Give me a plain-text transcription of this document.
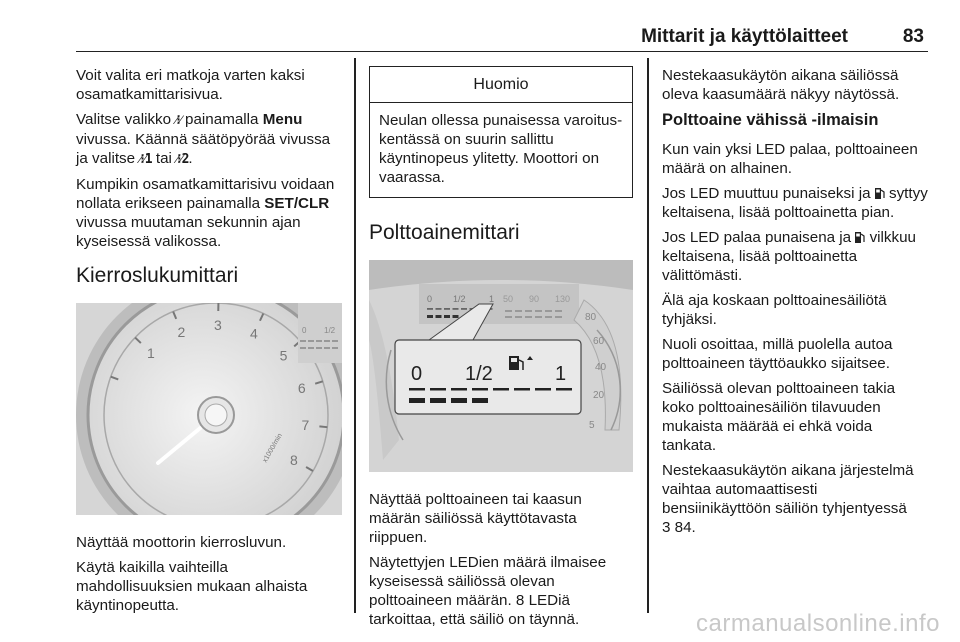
Mittarit ja käyttölaitteet	83

Voit valita eri matkoja varten kaksi osamatkamittarisivua.

Valitse valikko ⁄⁝⁄ painamalla Menu vivussa. Käännä säätöpyörää vivussa ja valitse ⁄⁝⁄1 tai ⁄⁝⁄2.

Kumpikin osamatkamittarisivu voidaan nollata erikseen painamalla SET/CLR vivussa muutaman sekunnin ajan kyseisessä valikossa.

Kierroslukumittari
1
2 3
4
5
6
7
8
x1000/min
0 1/2

Näyttää moottorin kierrosluvun.

Käytä kaikilla vaihteilla mahdollisuuksien mukaan alhaista käyntinopeutta.

Huomio
Neulan ollessa punaisessa varoituskentässä on suurin sallittu käyntinopeus ylitetty. Moottori on vaarassa.
Polttoainemittari
0 1/2	1 50 90 130
5
20
40
60
80
0 1/2	1

Näyttää polttoaineen tai kaasun määrän säiliössä käyttötavasta riippuen.

Näytettyjen LEDien määrä ilmaisee kyseisessä säiliössä olevan polttoaineen määrän. 8 LEDiä tarkoittaa, että säiliö on täynnä.

Nestekaasukäytön aikana säiliössä oleva kaasumäärä näkyy näytössä.

Polttoaine vähissä -ilmaisin

Kun vain yksi LED palaa, polttoaineen määrä on alhainen.

Jos LED muuttuu punaiseksi ja  syttyy keltaisena, lisää polttoainetta pian.

Jos LED palaa punaisena ja  vilkkuu keltaisena, lisää polttoainetta välittömästi.

Älä aja koskaan polttoainesäiliötä tyhjäksi.

Nuoli osoittaa, millä puolella autoa polttoaineen täyttöaukko sijaitsee.

Säiliössä olevan polttoaineen takia koko polttoainesäiliön tilavuuden mukaista määrää ei ehkä voida tankata.

Nestekaasukäytön aikana järjestelmä vaihtaa automaattisesti bensiinikäyttöön säiliön tyhjentyessä
3 84.

carmanualsonline.info
